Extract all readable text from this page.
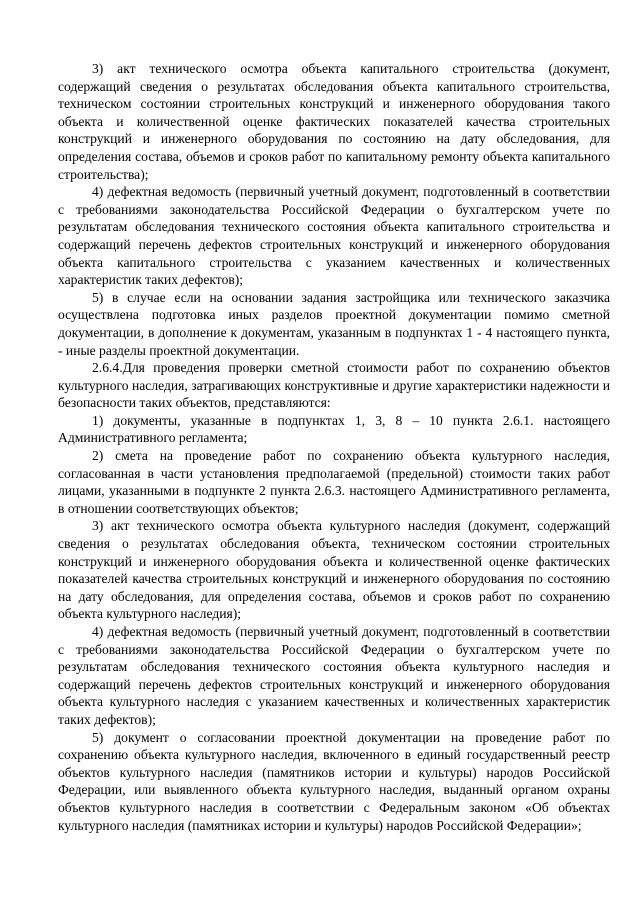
3) акт технического осмотра объекта капитального строительства (документ, содержащий сведения о результатах обследования объекта капитального строительства, техническом состоянии строительных конструкций и инженерного оборудования такого объекта и количественной оценке фактических показателей качества строительных конструкций и инженерного оборудования по состоянию на дату обследования, для определения состава, объемов и сроков работ по капитальному ремонту объекта капитального строительства);

4) дефектная ведомость (первичный учетный документ, подготовленный в соответствии с требованиями законодательства Российской Федерации о бухгалтерском учете по результатам обследования технического состояния объекта капитального строительства и содержащий перечень дефектов строительных конструкций и инженерного оборудования объекта капитального строительства с указанием качественных и количественных характеристик таких дефектов);

5) в случае если на основании задания застройщика или технического заказчика осуществлена подготовка иных разделов проектной документации помимо сметной документации, в дополнение к документам, указанным в подпунктах 1 - 4 настоящего пункта, - иные разделы проектной документации.

2.6.4.Для проведения проверки сметной стоимости работ по сохранению объектов культурного наследия, затрагивающих конструктивные и другие характеристики надежности и безопасности таких объектов, представляются:

1) документы, указанные в подпунктах 1, 3, 8 – 10 пункта 2.6.1. настоящего Административного регламента;

2) смета на проведение работ по сохранению объекта культурного наследия, согласованная в части установления предполагаемой (предельной) стоимости таких работ лицами, указанными в подпункте 2 пункта 2.6.3. настоящего Административного регламента, в отношении соответствующих объектов;

3) акт технического осмотра объекта культурного наследия (документ, содержащий сведения о результатах обследования объекта, техническом состоянии строительных конструкций и инженерного оборудования объекта и количественной оценке фактических показателей качества строительных конструкций и инженерного оборудования по состоянию на дату обследования, для определения состава, объемов и сроков работ по сохранению объекта культурного наследия);

4) дефектная ведомость (первичный учетный документ, подготовленный в соответствии с требованиями законодательства Российской Федерации о бухгалтерском учете по результатам обследования технического состояния объекта культурного наследия и содержащий перечень дефектов строительных конструкций и инженерного оборудования объекта культурного наследия с указанием качественных и количественных характеристик таких дефектов);

5) документ о согласовании проектной документации на проведение работ по сохранению объекта культурного наследия, включенного в единый государственный реестр объектов культурного наследия (памятников истории и культуры) народов Российской Федерации, или выявленного объекта культурного наследия, выданный органом охраны объектов культурного наследия в соответствии с Федеральным законом «Об объектах культурного наследия (памятниках истории и культуры) народов Российской Федерации»;
